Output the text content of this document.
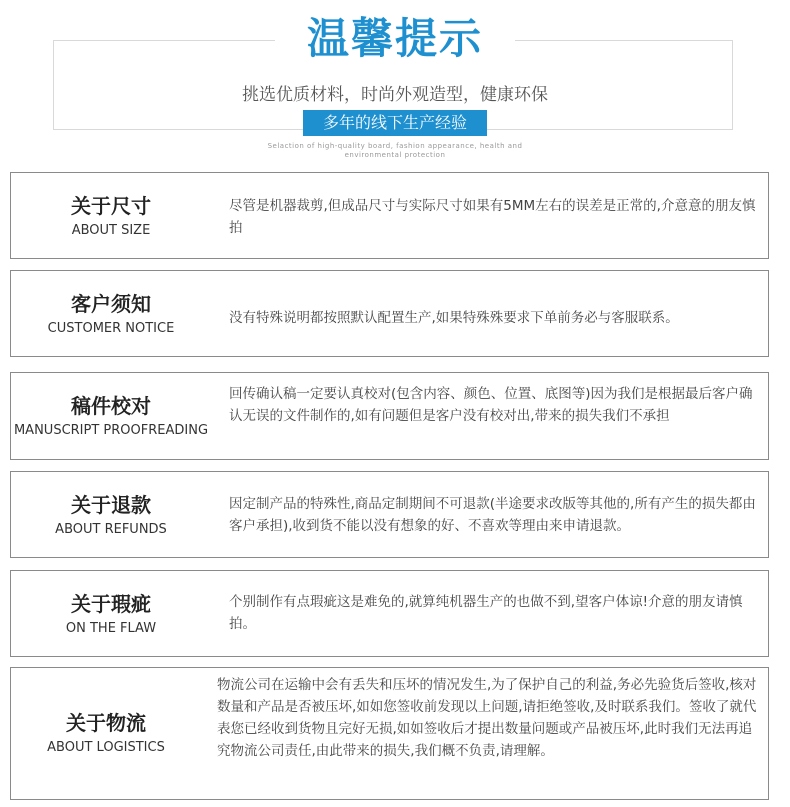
温馨提示
挑选优质材料，时尚外观造型，健康环保
多年的线下生产经验
Selaction of high-quality board, fashion appearance, health and
environmental protection
关于尺寸
ABOUT SIZE
尽管是机器裁剪,但成品尺寸与实际尺寸如果有5MM左右的误差是正常的,介意意的朋友慎拍
客户须知
CUSTOMER NOTICE
没有特殊说明都按照默认配置生产,如果特殊殊要求下单前务必与客服联系。
稿件校对
MANUSCRIPT PROOFREADING
回传确认稿一定要认真校对(包含内容、颜色、位置、底图等)因为我们是根据最后客户确认无误的文件制作的,如有问题但是客户没有校对出,带来的损失我们不承担
关于退款
ABOUT REFUNDS
因定制产品的特殊性,商品定制期间不可退款(半途要求改版等其他的,所有产生的损失都由客户承担),收到货不能以没有想象的好、不喜欢等理由来申请退款。
关于瑕疵
ON THE FLAW
个别制作有点瑕疵这是难免的,就算纯机器生产的也做不到,望客户体谅!介意的朋友请慎拍。
关于物流
ABOUT LOGISTICS
物流公司在运输中会有丢失和压坏的情况发生,为了保护自己的利益,务必先验货后签收,核对数量和产品是否被压坏,如如您签收前发现以上问题,请拒绝签收,及时联系我们。签收了就代表您已经收到货物且完好无损,如如签收后才提出数量问题或产品被压坏,此时我们无法再追究物流公司责任,由此带来的损失,我们概不负责,请理解。
